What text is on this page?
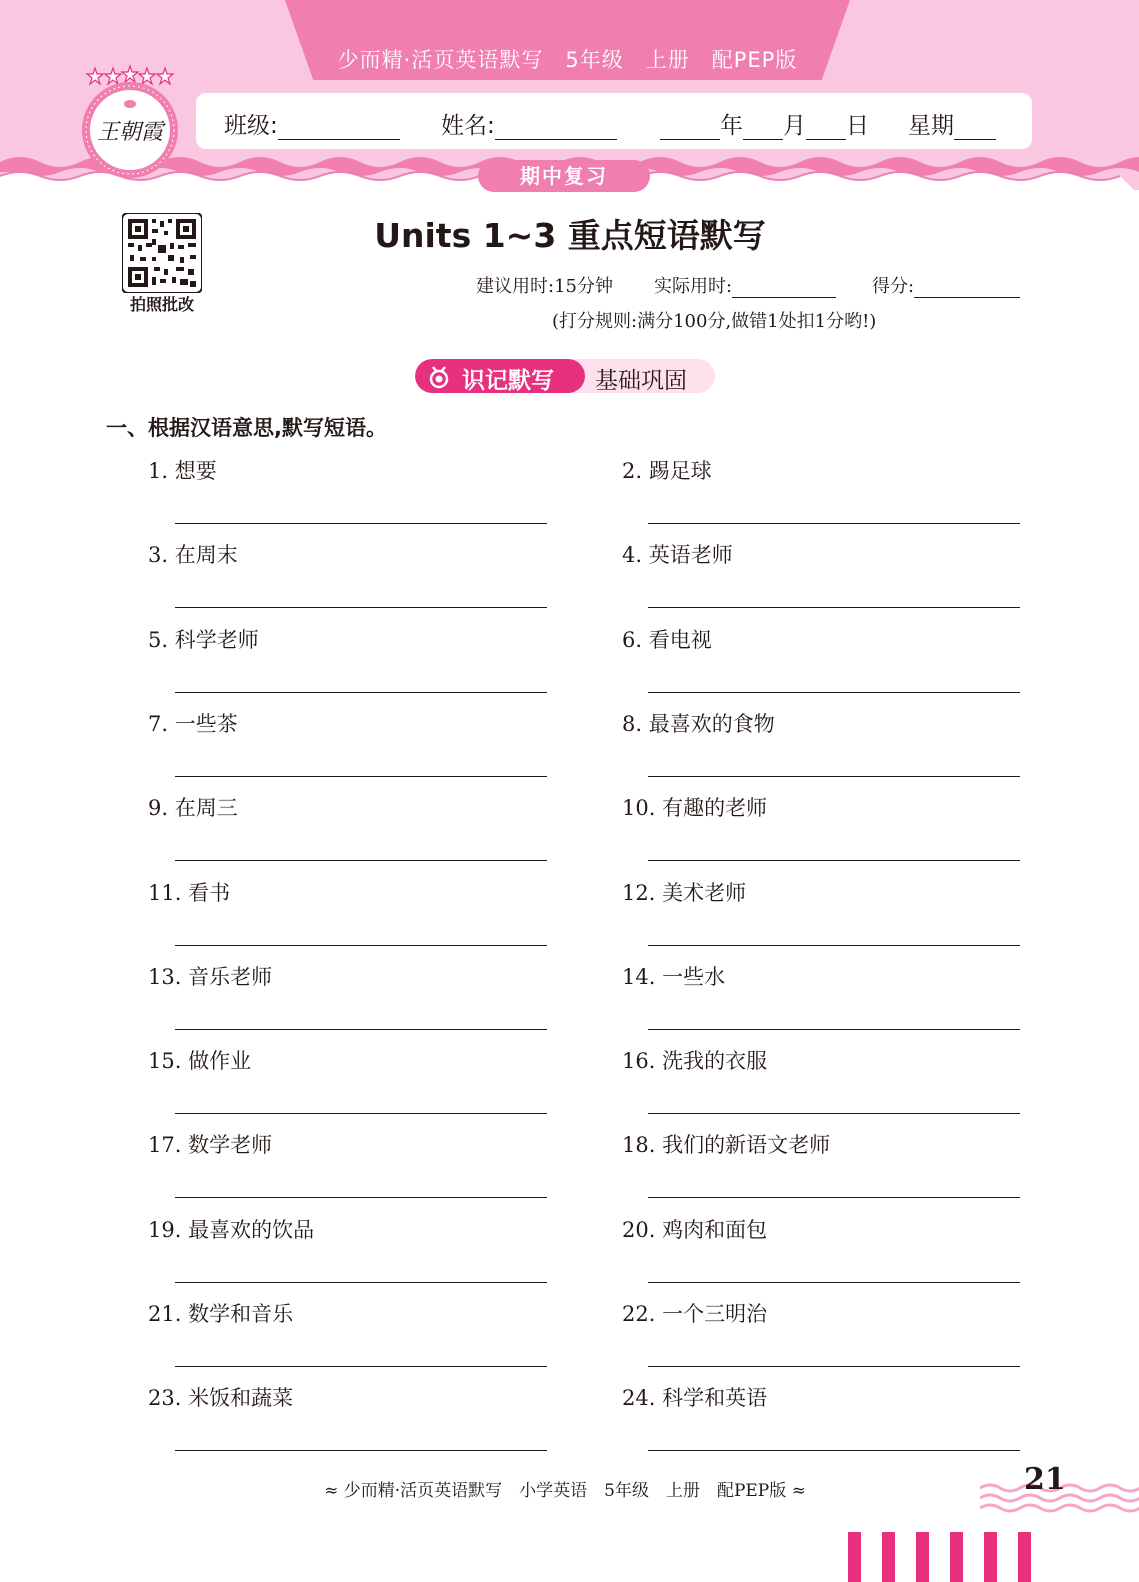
少而精·活页英语默写　5年级　上册　配PEP版
王朝霞	班级:	姓名:	年 月 日 星期
期中复习
拍照批改
Units 1~3 重点短语默写
建议用时:15分钟 实际用时:	得分:
(打分规则:满分100分,做错1处扣1分哟!)
识记默写 基础巩固
一、根据汉语意思,默写短语。
1. 想要	2. 踢足球
3. 在周末	4. 英语老师
5. 科学老师	6. 看电视
7. 一些茶	8. 最喜欢的食物
9. 在周三	10. 有趣的老师
11. 看书	12. 美术老师
13. 音乐老师	14. 一些水
15. 做作业	16. 洗我的衣服
17. 数学老师	18. 我们的新语文老师
19. 最喜欢的饮品	20. 鸡肉和面包
21. 数学和音乐	22. 一个三明治
23. 米饭和蔬菜	24. 科学和英语
≈ 少而精·活页英语默写　小学英语　5年级　上册　配PEP版 ≈	21
